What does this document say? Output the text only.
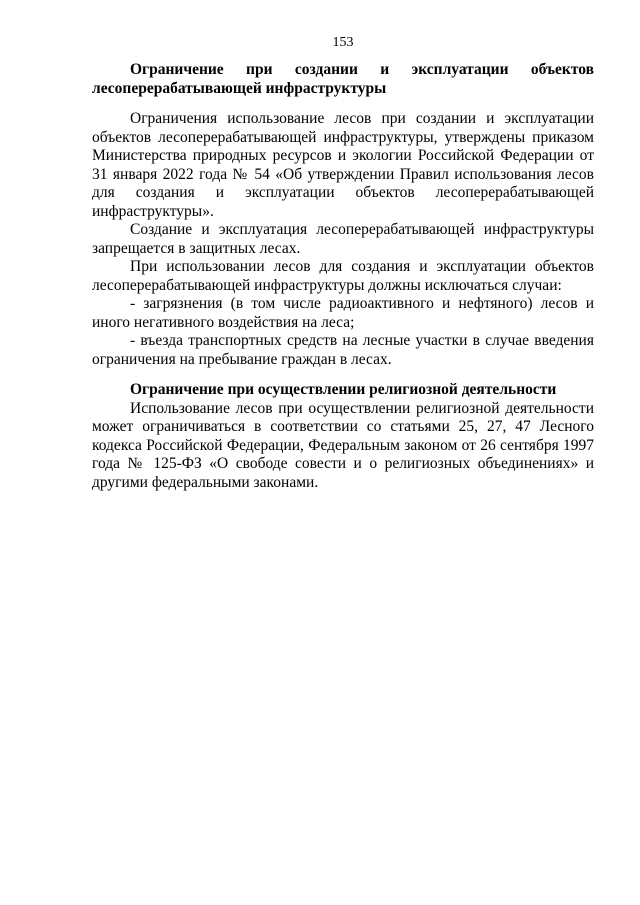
153
Ограничение при создании и эксплуатации объектов лесоперерабатывающей инфраструктуры

Ограничения использование лесов при создании и эксплуатации объектов лесоперерабатывающей инфраструктуры, утверждены приказом Министерства природных ресурсов и экологии Российской Федерации от 31 января 2022 года № 54 «Об утверждении Правил использования лесов для создания и эксплуатации объектов лесоперерабатывающей инфраструктуры».

Создание и эксплуатация лесоперерабатывающей инфраструктуры запрещается в защитных лесах.

При использовании лесов для создания и эксплуатации объектов лесоперерабатывающей инфраструктуры должны исключаться случаи:

- загрязнения (в том числе радиоактивного и нефтяного) лесов и иного негативного воздействия на леса;

- въезда транспортных средств на лесные участки в случае введения ограничения на пребывание граждан в лесах.

Ограничение при осуществлении религиозной деятельности

Использование лесов при осуществлении религиозной деятельности может ограничиваться в соответствии со статьями 25, 27, 47 Лесного кодекса Российской Федерации, Федеральным законом от 26 сентября 1997 года № 125-ФЗ «О свободе совести и о религиозных объединениях» и другими федеральными законами.
